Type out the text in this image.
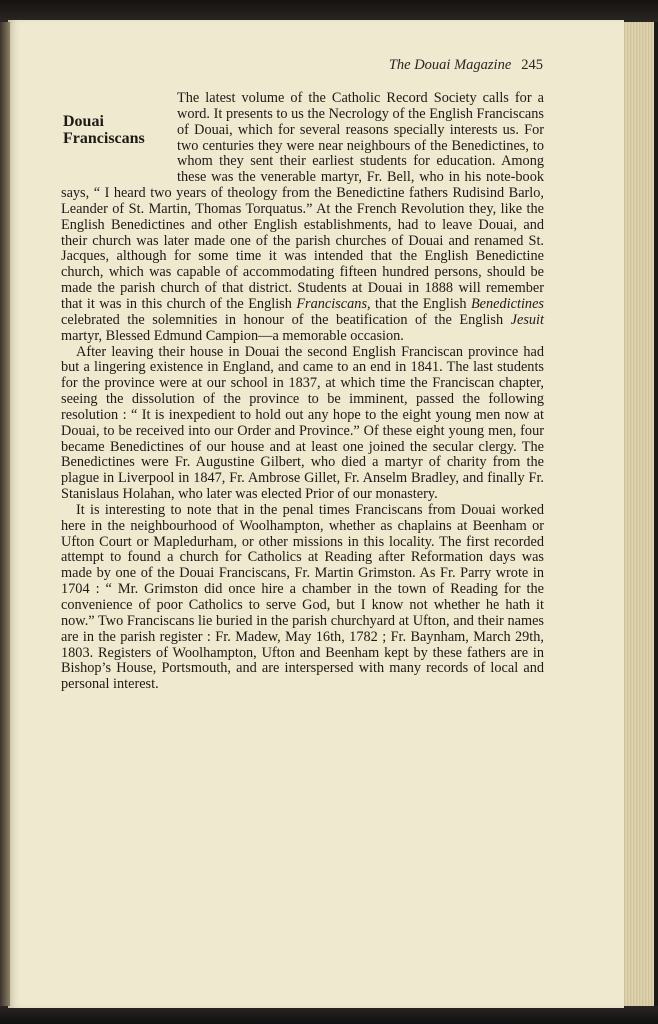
The Douai Magazine 245
Douai
Franciscans

The latest volume of the Catholic Record Society calls for a word. It presents to us the Necrology of the English Franciscans of Douai, which for several reasons specially interests us. For two centuries they were near neighbours of the Benedictines, to whom they sent their earliest students for education. Among these was the venerable martyr, Fr. Bell, who in his note-book says, “ I heard two years of theology from the Benedictine fathers Rudisind Barlo, Leander of St. Martin, Thomas Torquatus.” At the French Revolution they, like the English Benedictines and other English establishments, had to leave Douai, and their church was later made one of the parish churches of Douai and renamed St. Jacques, although for some time it was intended that the English Benedictine church, which was capable of accommodating fifteen hundred persons, should be made the parish church of that district. Students at Douai in 1888 will remember that it was in this church of the English Franciscans, that the English Benedictines celebrated the solemnities in honour of the beatification of the English Jesuit martyr, Blessed Edmund Campion—a memorable occasion.

After leaving their house in Douai the second English Franciscan province had but a lingering existence in England, and came to an end in 1841. The last students for the province were at our school in 1837, at which time the Franciscan chapter, seeing the dissolution of the province to be imminent, passed the following resolution : “ It is inexpedient to hold out any hope to the eight young men now at Douai, to be received into our Order and Province.” Of these eight young men, four became Benedictines of our house and at least one joined the secular clergy. The Benedictines were Fr. Augustine Gilbert, who died a martyr of charity from the plague in Liverpool in 1847, Fr. Ambrose Gillet, Fr. Anselm Bradley, and finally Fr. Stanislaus Holahan, who later was elected Prior of our monastery.

It is interesting to note that in the penal times Franciscans from Douai worked here in the neighbourhood of Woolhampton, whether as chaplains at Beenham or Ufton Court or Mapledurham, or other missions in this locality. The first recorded attempt to found a church for Catholics at Reading after Reformation days was made by one of the Douai Franciscans, Fr. Martin Grimston. As Fr. Parry wrote in 1704 : “ Mr. Grimston did once hire a chamber in the town of Reading for the convenience of poor Catholics to serve God, but I know not whether he hath it now.” Two Franciscans lie buried in the parish churchyard at Ufton, and their names are in the parish register : Fr. Madew, May 16th, 1782 ; Fr. Baynham, March 29th, 1803. Registers of Woolhampton, Ufton and Beenham kept by these fathers are in Bishop’s House, Portsmouth, and are interspersed with many records of local and personal interest.
